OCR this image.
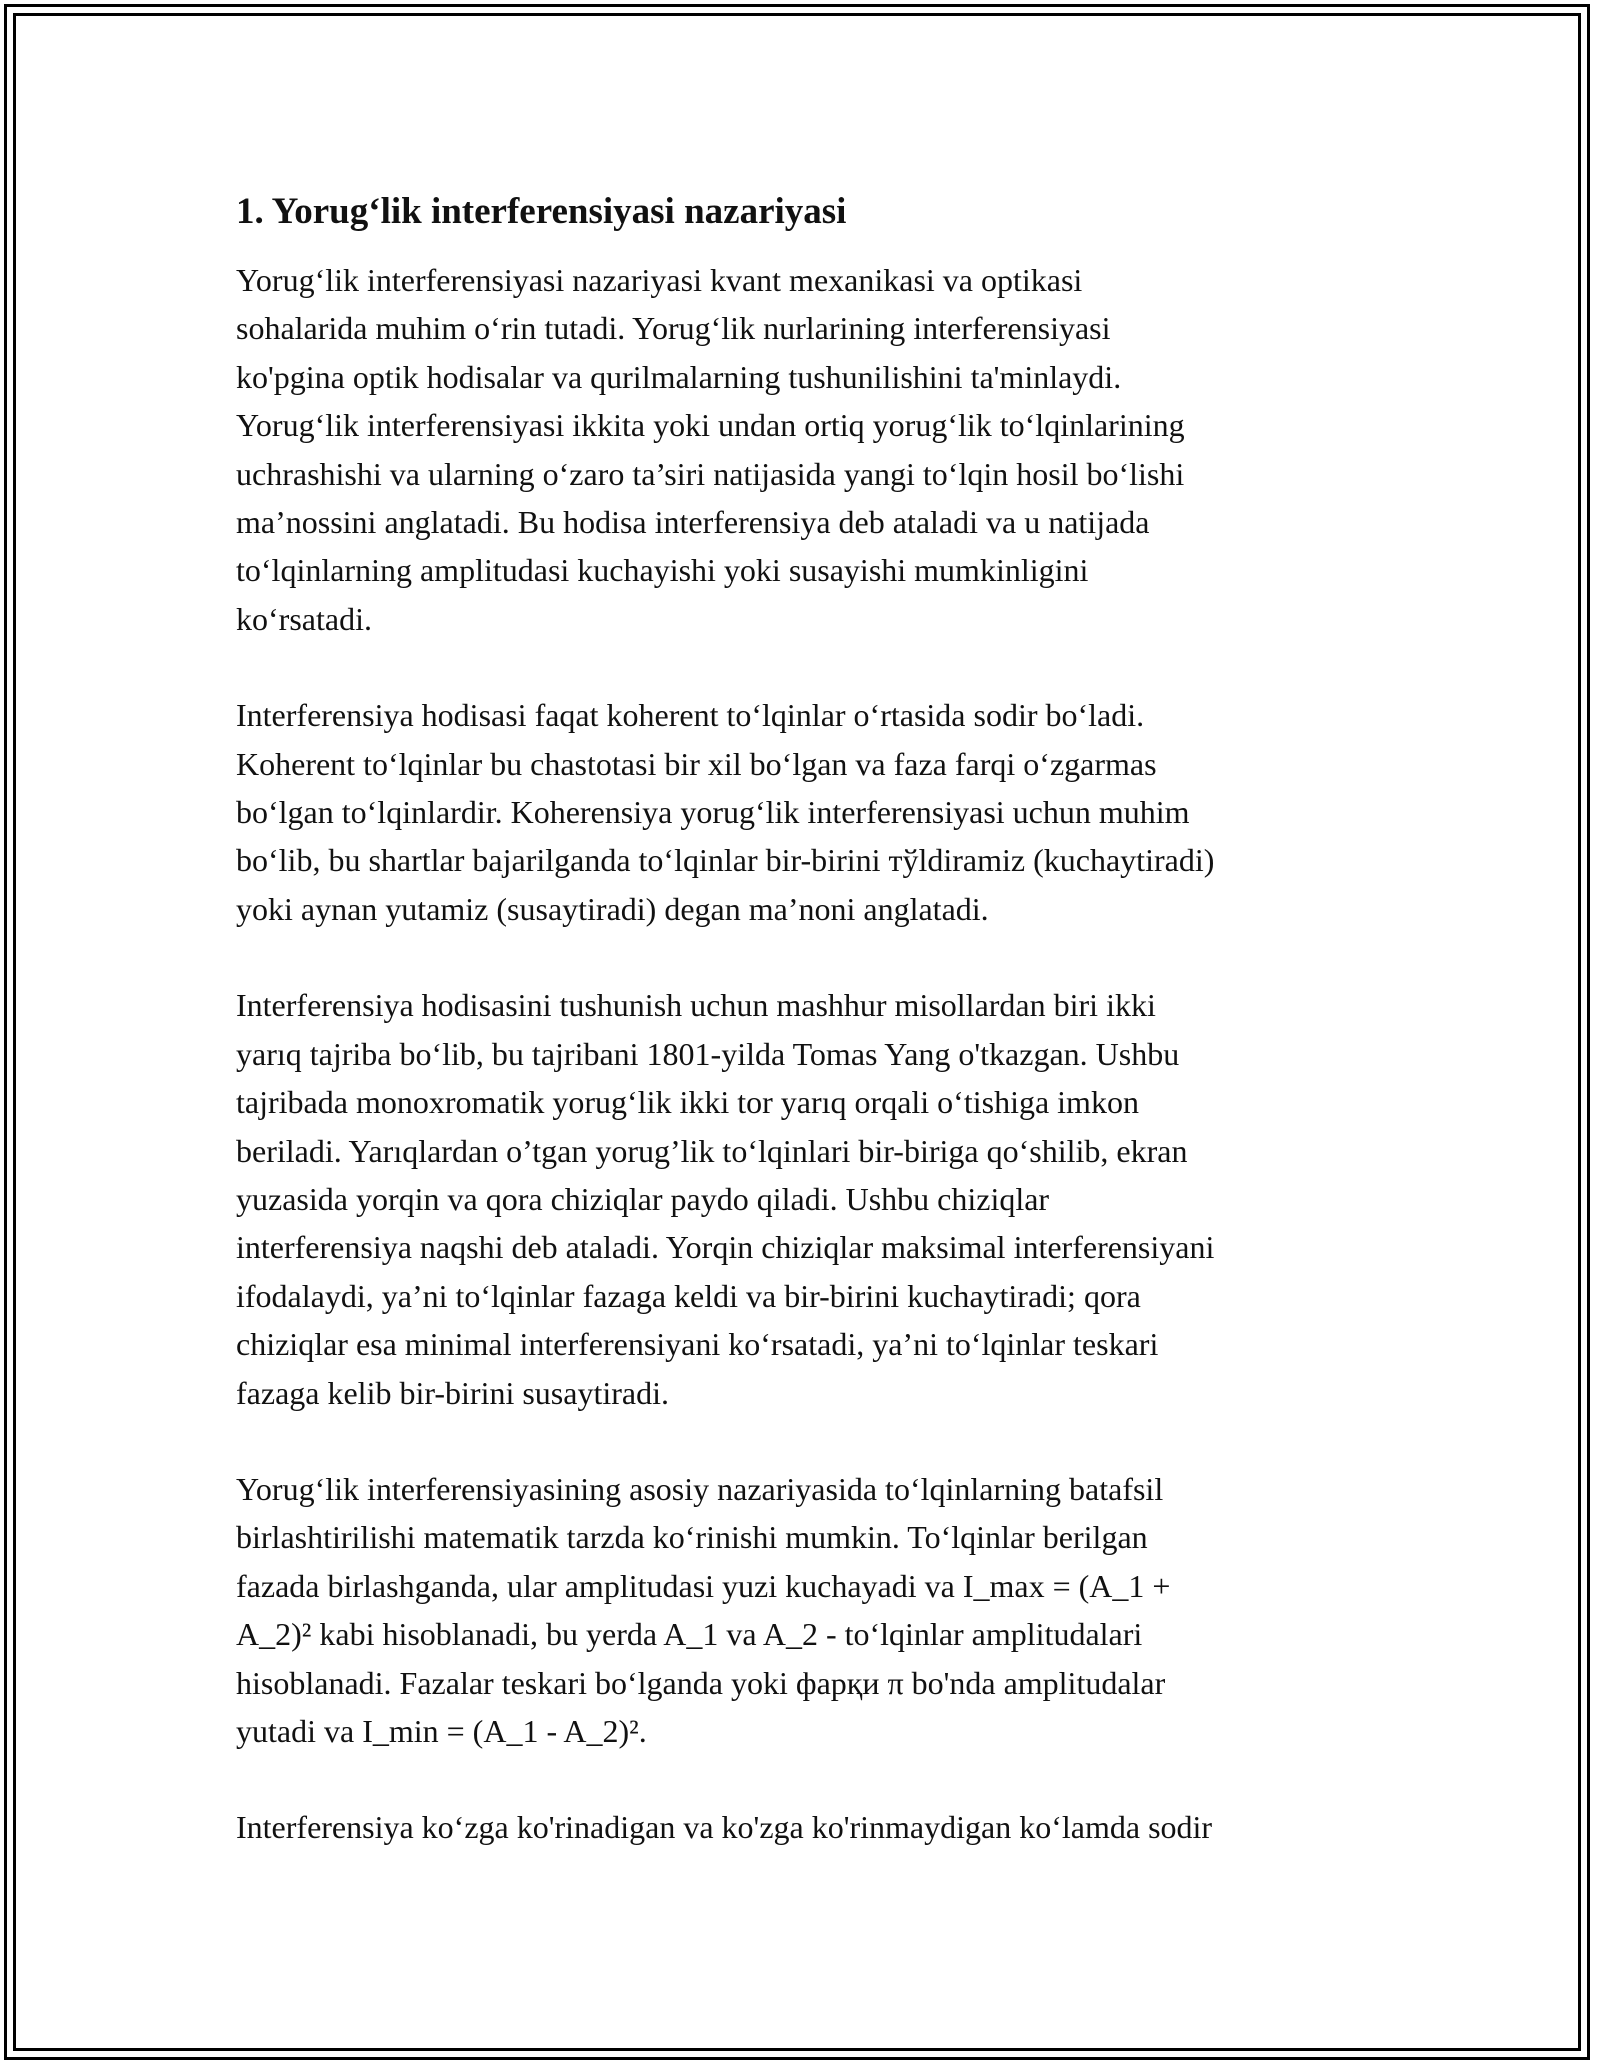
1. Yorug‘lik interferensiyasi nazariyasi
Yorug‘lik interferensiyasi nazariyasi kvant mexanikasi va optikasi
sohalarida muhim o‘rin tutadi. Yorug‘lik nurlarining interferensiyasi
ko'pgina optik hodisalar va qurilmalarning tushunilishini ta'minlaydi.
Yorug‘lik interferensiyasi ikkita yoki undan ortiq yorug‘lik to‘lqinlarining
uchrashishi va ularning o‘zaro ta’siri natijasida yangi to‘lqin hosil bo‘lishi
ma’nossini anglatadi. Bu hodisa interferensiya deb ataladi va u natijada
to‘lqinlarning amplitudasi kuchayishi yoki susayishi mumkinligini
ko‘rsatadi.
Interferensiya hodisasi faqat koherent to‘lqinlar o‘rtasida sodir bo‘ladi.
Koherent to‘lqinlar bu chastotasi bir xil bo‘lgan va faza farqi o‘zgarmas
bo‘lgan to‘lqinlardir. Koherensiya yorug‘lik interferensiyasi uchun muhim
bo‘lib, bu shartlar bajarilganda to‘lqinlar bir-birini тўldiramiz (kuchaytiradi)
yoki aynan yutamiz (susaytiradi) degan ma’noni anglatadi.
Interferensiya hodisasini tushunish uchun mashhur misollardan biri ikki
yarıq tajriba bo‘lib, bu tajribani 1801-yilda Tomas Yang o'tkazgan. Ushbu
tajribada monoxromatik yorug‘lik ikki tor yarıq orqali o‘tishiga imkon
beriladi. Yarıqlardan o’tgan yorug’lik to‘lqinlari bir-biriga qo‘shilib, ekran
yuzasida yorqin va qora chiziqlar paydo qiladi. Ushbu chiziqlar
interferensiya naqshi deb ataladi. Yorqin chiziqlar maksimal interferensiyani
ifodalaydi, ya’ni to‘lqinlar fazaga keldi va bir-birini kuchaytiradi; qora
chiziqlar esa minimal interferensiyani ko‘rsatadi, ya’ni to‘lqinlar teskari
fazaga kelib bir-birini susaytiradi.
Yorug‘lik interferensiyasining asosiy nazariyasida to‘lqinlarning batafsil
birlashtirilishi matematik tarzda ko‘rinishi mumkin. To‘lqinlar berilgan
fazada birlashganda, ular amplitudasi yuzi kuchayadi va I_max = (A_1 +
A_2)² kabi hisoblanadi, bu yerda A_1 va A_2 - to‘lqinlar amplitudalari
hisoblanadi. Fazalar teskari bo‘lganda yoki фарқи π bo'nda amplitudalar
yutadi va I_min = (A_1 - A_2)².
Interferensiya ko‘zga ko'rinadigan va ko'zga ko'rinmaydigan ko‘lamda sodir
